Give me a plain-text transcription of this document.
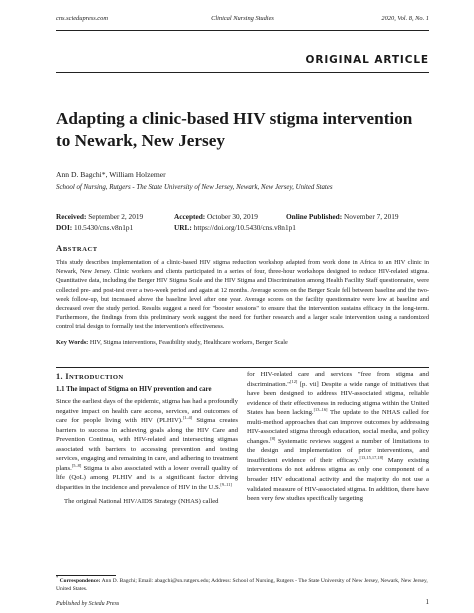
cns.sciedupress.com	Clinical Nursing Studies	2020, Vol. 8, No. 1
ORIGINAL ARTICLE
Adapting a clinic-based HIV stigma intervention to Newark, New Jersey
Ann D. Bagchi*, William Holzemer
School of Nursing, Rutgers - The State University of New Jersey, Newark, New Jersey, United States
Received: September 2, 2019	Accepted: October 30, 2019	Online Published: November 7, 2019
DOI: 10.5430/cns.v8n1p1	URL: https://doi.org/10.5430/cns.v8n1p1
ABSTRACT

This study describes implementation of a clinic-based HIV stigma reduction workshop adapted from work done in Africa to an HIV clinic in Newark, New Jersey. Clinic workers and clients participated in a series of four, three-hour workshops designed to reduce HIV-related stigma. Quantitative data, including the Berger HIV Stigma Scale and the HIV Stigma and Discrimination among Health Facility Staff questionnaire, were collected pre- and post-test over a two-week period and again at 12 months. Average scores on the Berger Scale fell between baseline and the two-week follow-up, but increased above the baseline level after one year. Average scores on the facility questionnaire were low at baseline and decreased over the study period. Results suggest a need for "booster sessions" to ensure that the intervention sustains efficacy in the long-term. Furthermore, the findings from this preliminary work suggest the need for further research and a larger scale intervention using a randomized control trial design to formally test the intervention's effectiveness.

Key Words: HIV, Stigma interventions, Feasibility study, Healthcare workers, Berger Scale
1. INTRODUCTION
1.1 The impact of Stigma on HIV prevention and care

Since the earliest days of the epidemic, stigma has had a profoundly negative impact on health care access, services, and outcomes of care for people living with HIV (PLHIV).[1–4] Stigma creates barriers to success in achieving goals along the HIV Care and Prevention Continua, with HIV-related and intersecting stigmas associated with barriers to accessing prevention and testing services, engaging and remaining in care, and adhering to treatment plans.[5–8] Stigma is also associated with a lower overall quality of life (QoL) among PLHIV and is a significant factor driving disparities in the incidence and prevalence of HIV in the U.S.[9–11]

The original National HIV/AIDS Strategy (NHAS) called

for HIV-related care and services "free from stigma and discrimination."[12] [p. vii] Despite a wide range of initiatives that have been designed to address HIV-associated stigma, reliable evidence of their effectiveness in reducing stigma within the United States has been lacking.[13–16] The update to the NHAS called for multi-method approaches that can improve outcomes by addressing HIV-associated stigma through education, social media, and policy changes.[8] Systematic reviews suggest a number of limitations to the design and implementation of prior interventions, and insufficient evidence of their efficacy.[13,15,17,18] Many existing interventions do not address stigma as only one component of a broader HIV educational activity and the majority do not use a validated measure of HIV-associated stigma. In addition, there have been very few studies specifically targeting

* Correspondence: Ann D. Bagchi; Email: abagchi@sn.rutgers.edu; Address: School of Nursing, Rutgers - The State University of New Jersey, Newark, New Jersey, United States.
Published by Sciedu Press	1
